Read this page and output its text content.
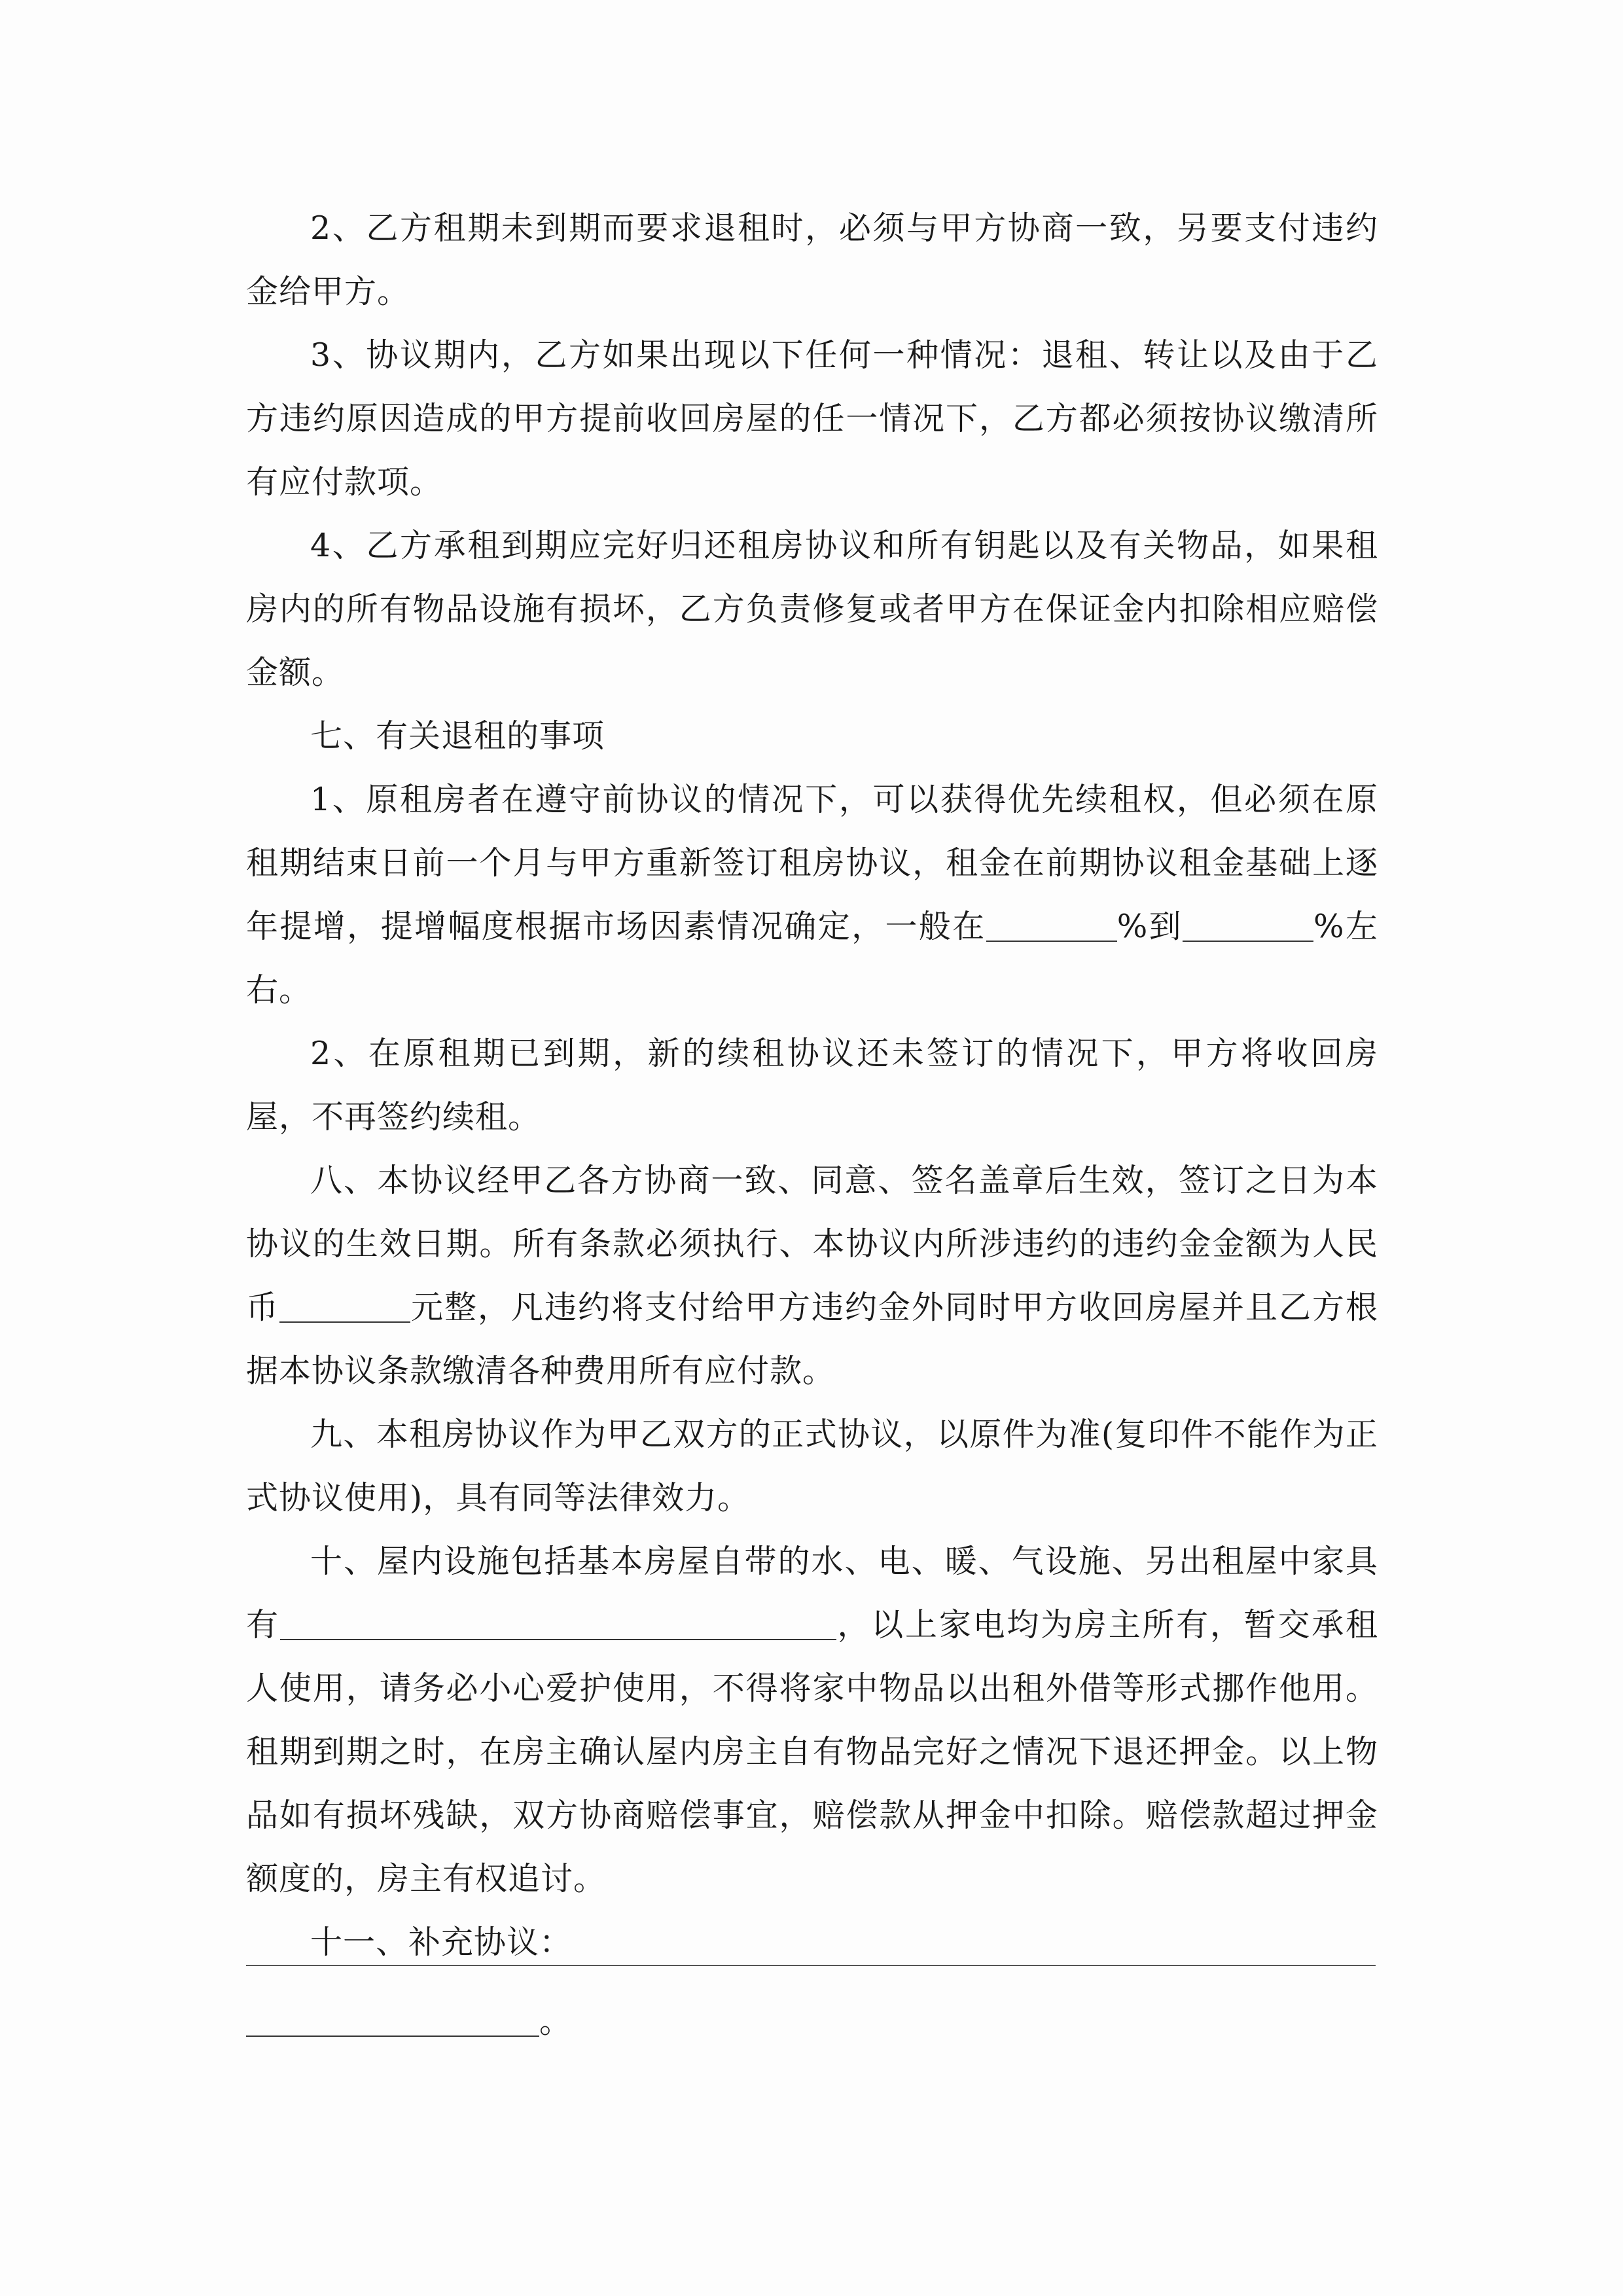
2、乙方租期未到期而要求退租时，必须与甲方协商一致，另要支付违约金给甲方。

3、协议期内，乙方如果出现以下任何一种情况：退租、转让以及由于乙方违约原因造成的甲方提前收回房屋的任一情况下，乙方都必须按协议缴清所有应付款项。

4、乙方承租到期应完好归还租房协议和所有钥匙以及有关物品，如果租房内的所有物品设施有损坏，乙方负责修复或者甲方在保证金内扣除相应赔偿金额。

七、有关退租的事项

1、原租房者在遵守前协议的情况下，可以获得优先续租权，但必须在原租期结束日前一个月与甲方重新签订租房协议，租金在前期协议租金基础上逐年提增，提增幅度根据市场因素情况确定，一般在	%到	%左右。

2、在原租期已到期，新的续租协议还未签订的情况下，甲方将收回房屋，不再签约续租。

八、本协议经甲乙各方协商一致、同意、签名盖章后生效，签订之日为本协议的生效日期。所有条款必须执行、本协议内所涉违约的违约金金额为人民币	元整，凡违约将支付给甲方违约金外同时甲方收回房屋并且乙方根据本协议条款缴清各种费用所有应付款。

九、本租房协议作为甲乙双方的正式协议，以原件为准(复印件不能作为正式协议使用)，具有同等法律效力。

十、屋内设施包括基本房屋自带的水、电、暖、气设施、另出租屋中家具有	，以上家电均为房主所有，暂交承租人使用，请务必小心爱护使用，不得将家中物品以出租外借等形式挪作他用。租期到期之时，在房主确认屋内房主自有物品完好之情况下退还押金。以上物品如有损坏残缺，双方协商赔偿事宜，赔偿款从押金中扣除。赔偿款超过押金额度的，房主有权追讨。

十一、补充协议：

。
